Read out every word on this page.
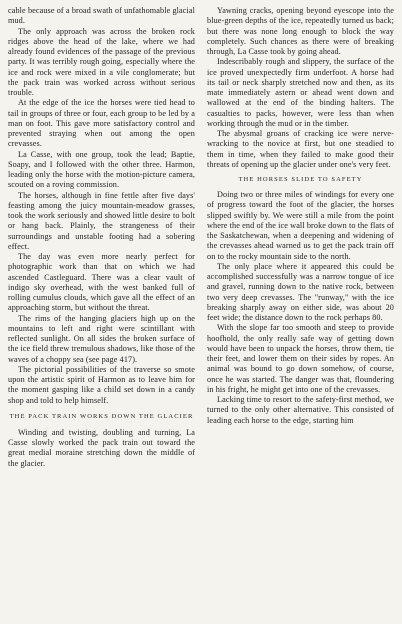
cable because of a broad swath of unfathomable glacial mud.

The only approach was across the broken rock ridges above the head of the lake, where we had already found evidences of the passage of the previous party. It was terribly rough going, especially where the ice and rock were mixed in a vile conglomerate; but the pack train was worked across without serious trouble.

At the edge of the ice the horses were tied head to tail in groups of three or four, each group to be led by a man on foot. This gave more satisfactory control and prevented straying when out among the open crevasses.

La Casse, with one group, took the lead; Baptie, Soapy, and I followed with the other three. Harmon, leading only the horse with the motion-picture camera, scouted on a roving commission.

The horses, although in fine fettle after five days' feasting among the juicy mountain-meadow grasses, took the work seriously and showed little desire to bolt or hang back. Plainly, the strangeness of their surroundings and unstable footing had a sobering effect.

The day was even more nearly perfect for photographic work than that on which we had ascended Castleguard. There was a clear vault of indigo sky overhead, with the west banked full of rolling cumulus clouds, which gave all the effect of an approaching storm, but without the threat.

The rims of the hanging glaciers high up on the mountains to left and right were scintillant with reflected sunlight. On all sides the broken surface of the ice field threw tremulous shadows, like those of the waves of a choppy sea (see page 417).

The pictorial possibilities of the traverse so smote upon the artistic spirit of Harmon as to leave him for the moment gasping like a child set down in a candy shop and told to help himself.

THE PACK TRAIN WORKS DOWN THE GLACIER

Winding and twisting, doubling and turning, La Casse slowly worked the pack train out toward the great medial moraine stretching down the middle of the glacier.

Yawning cracks, opening beyond eyescope into the blue-green depths of the ice, repeatedly turned us back; but there was none long enough to block the way completely. Such chances as there were of breaking through, La Casse took by going ahead.

Indescribably rough and slippery, the surface of the ice proved unexpectedly firm underfoot. A horse had its tail or neck sharply stretched now and then, as its mate immediately astern or ahead went down and wallowed at the end of the binding halters. The casualties to packs, however, were less than when working through the mud or in the timber.

The abysmal groans of cracking ice were nerve-wracking to the novice at first, but one steadied to them in time, when they failed to make good their threats of opening up the glacier under one's very feet.

THE HORSES SLIDE TO SAFETY

Doing two or three miles of windings for every one of progress toward the foot of the glacier, the horses slipped swiftly by. We were still a mile from the point where the end of the ice wall broke down to the flats of the Saskatchewan, when a deepening and widening of the crevasses ahead warned us to get the pack train off on to the rocky mountain side to the north.

The only place where it appeared this could be accomplished successfully was a narrow tongue of ice and gravel, running down to the native rock, between two very deep crevasses. The "runway," with the ice breaking sharply away on either side, was about 20 feet wide; the distance down to the rock perhaps 80.

With the slope far too smooth and steep to provide hoofhold, the only really safe way of getting down would have been to unpack the horses, throw them, tie their feet, and lower them on their sides by ropes. An animal was bound to go down somehow, of course, once he was started. The danger was that, floundering in his fright, he might get into one of the crevasses.

Lacking time to resort to the safety-first method, we turned to the only other alternative. This consisted of leading each horse to the edge, starting him
